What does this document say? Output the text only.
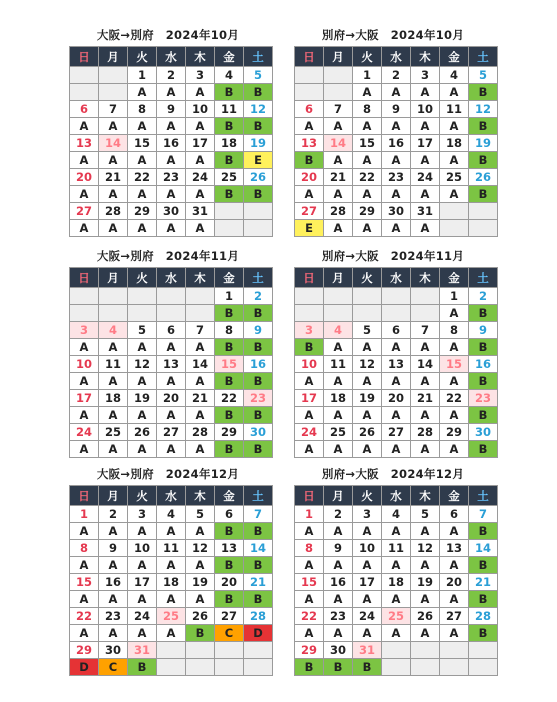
大阪→別府　2024年10月
日	月	火	水	木	金	土
		1	2	3	4	5
		A	A	A	B	B
6	7	8	9	10	11	12
A	A	A	A	A	B	B
13	14	15	16	17	18	19
A	A	A	A	A	B	E
20	21	22	23	24	25	26
A	A	A	A	A	B	B
27	28	29	30	31		
A	A	A	A	A		
別府→大阪　2024年10月
日	月	火	水	木	金	土
		1	2	3	4	5
		A	A	A	A	B
6	7	8	9	10	11	12
A	A	A	A	A	A	B
13	14	15	16	17	18	19
B	A	A	A	A	A	B
20	21	22	23	24	25	26
A	A	A	A	A	A	B
27	28	29	30	31		
E	A	A	A	A		
大阪→別府　2024年11月
日	月	火	水	木	金	土
					1	2
					B	B
3	4	5	6	7	8	9
A	A	A	A	A	B	B
10	11	12	13	14	15	16
A	A	A	A	A	B	B
17	18	19	20	21	22	23
A	A	A	A	A	B	B
24	25	26	27	28	29	30
A	A	A	A	A	B	B
別府→大阪　2024年11月
日	月	火	水	木	金	土
					1	2
					A	B
3	4	5	6	7	8	9
B	A	A	A	A	A	B
10	11	12	13	14	15	16
A	A	A	A	A	A	B
17	18	19	20	21	22	23
A	A	A	A	A	A	B
24	25	26	27	28	29	30
A	A	A	A	A	A	B
大阪→別府　2024年12月
日	月	火	水	木	金	土
1	2	3	4	5	6	7
A	A	A	A	A	B	B
8	9	10	11	12	13	14
A	A	A	A	A	B	B
15	16	17	18	19	20	21
A	A	A	A	A	B	B
22	23	24	25	26	27	28
A	A	A	A	B	C	D
29	30	31				
D	C	B				
別府→大阪　2024年12月
日	月	火	水	木	金	土
1	2	3	4	5	6	7
A	A	A	A	A	A	B
8	9	10	11	12	13	14
A	A	A	A	A	A	B
15	16	17	18	19	20	21
A	A	A	A	A	A	B
22	23	24	25	26	27	28
A	A	A	A	A	A	B
29	30	31				
B	B	B				
